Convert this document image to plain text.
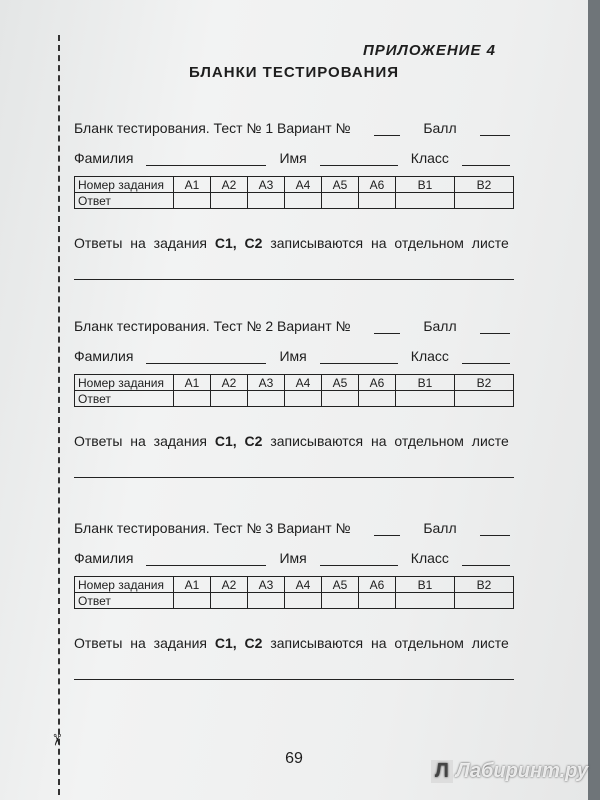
✂
ПРИЛОЖЕНИЕ 4
БЛАНКИ ТЕСТИРОВАНИЯ
Бланк тестирования. Тест № 1 Вариант №	Балл
Фамилия	Имя	Класс
Номер задания	A1	A2	A3	A4	A5	A6	B1	B2
Ответ								
Ответы на задания C1, C2 записываются на отдельном листе
Бланк тестирования. Тест № 2 Вариант №	Балл
Фамилия	Имя	Класс
Номер задания	A1	A2	A3	A4	A5	A6	B1	B2
Ответ								
Ответы на задания C1, C2 записываются на отдельном листе
Бланк тестирования. Тест № 3 Вариант №	Балл
Фамилия	Имя	Класс
Номер задания	A1	A2	A3	A4	A5	A6	B1	B2
Ответ								
Ответы на задания C1, C2 записываются на отдельном листе
69
Л Лабиринт.ру
